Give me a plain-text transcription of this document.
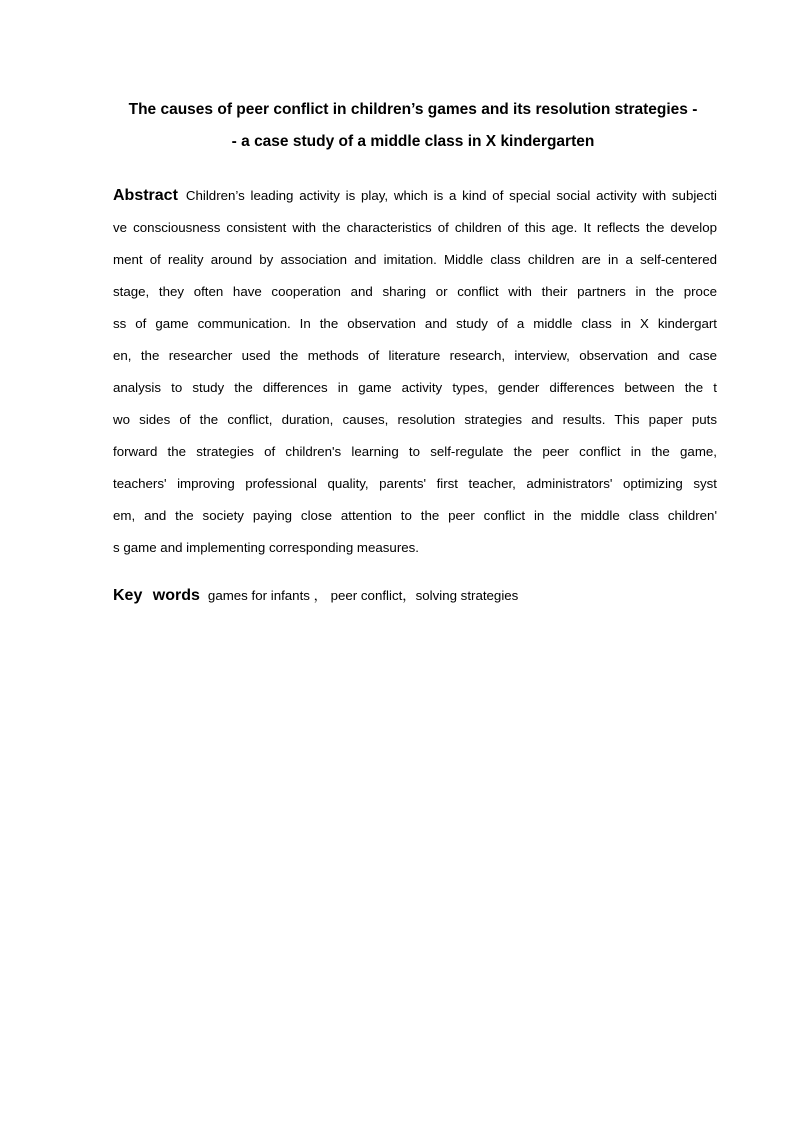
The causes of peer conflict in children’s games and its resolution strategies -
- a case study of a middle class in X kindergarten
Abstract Children’s leading activity is play, which is a kind of special social activity with subjecti
ve consciousness consistent with the characteristics of children of this age. It reflects the develop
ment of reality around by association and imitation. Middle class children are in a self-centered
stage, they often have cooperation and sharing or conflict with their partners in the proce
ss of game communication. In the observation and study of a middle class in X kindergart
en, the researcher used the methods of literature research, interview, observation and case
analysis to study the differences in game activity types, gender differences between the t
wo sides of the conflict, duration, causes, resolution strategies and results. This paper puts
forward the strategies of children's learning to self-regulate the peer conflict in the game,
teachers' improving professional quality, parents' first teacher, administrators' optimizing syst
em, and the society paying close attention to the peer conflict in the middle class children'
s game and implementing corresponding measures.
Key words games for infants ， peer conflict，solving strategies
